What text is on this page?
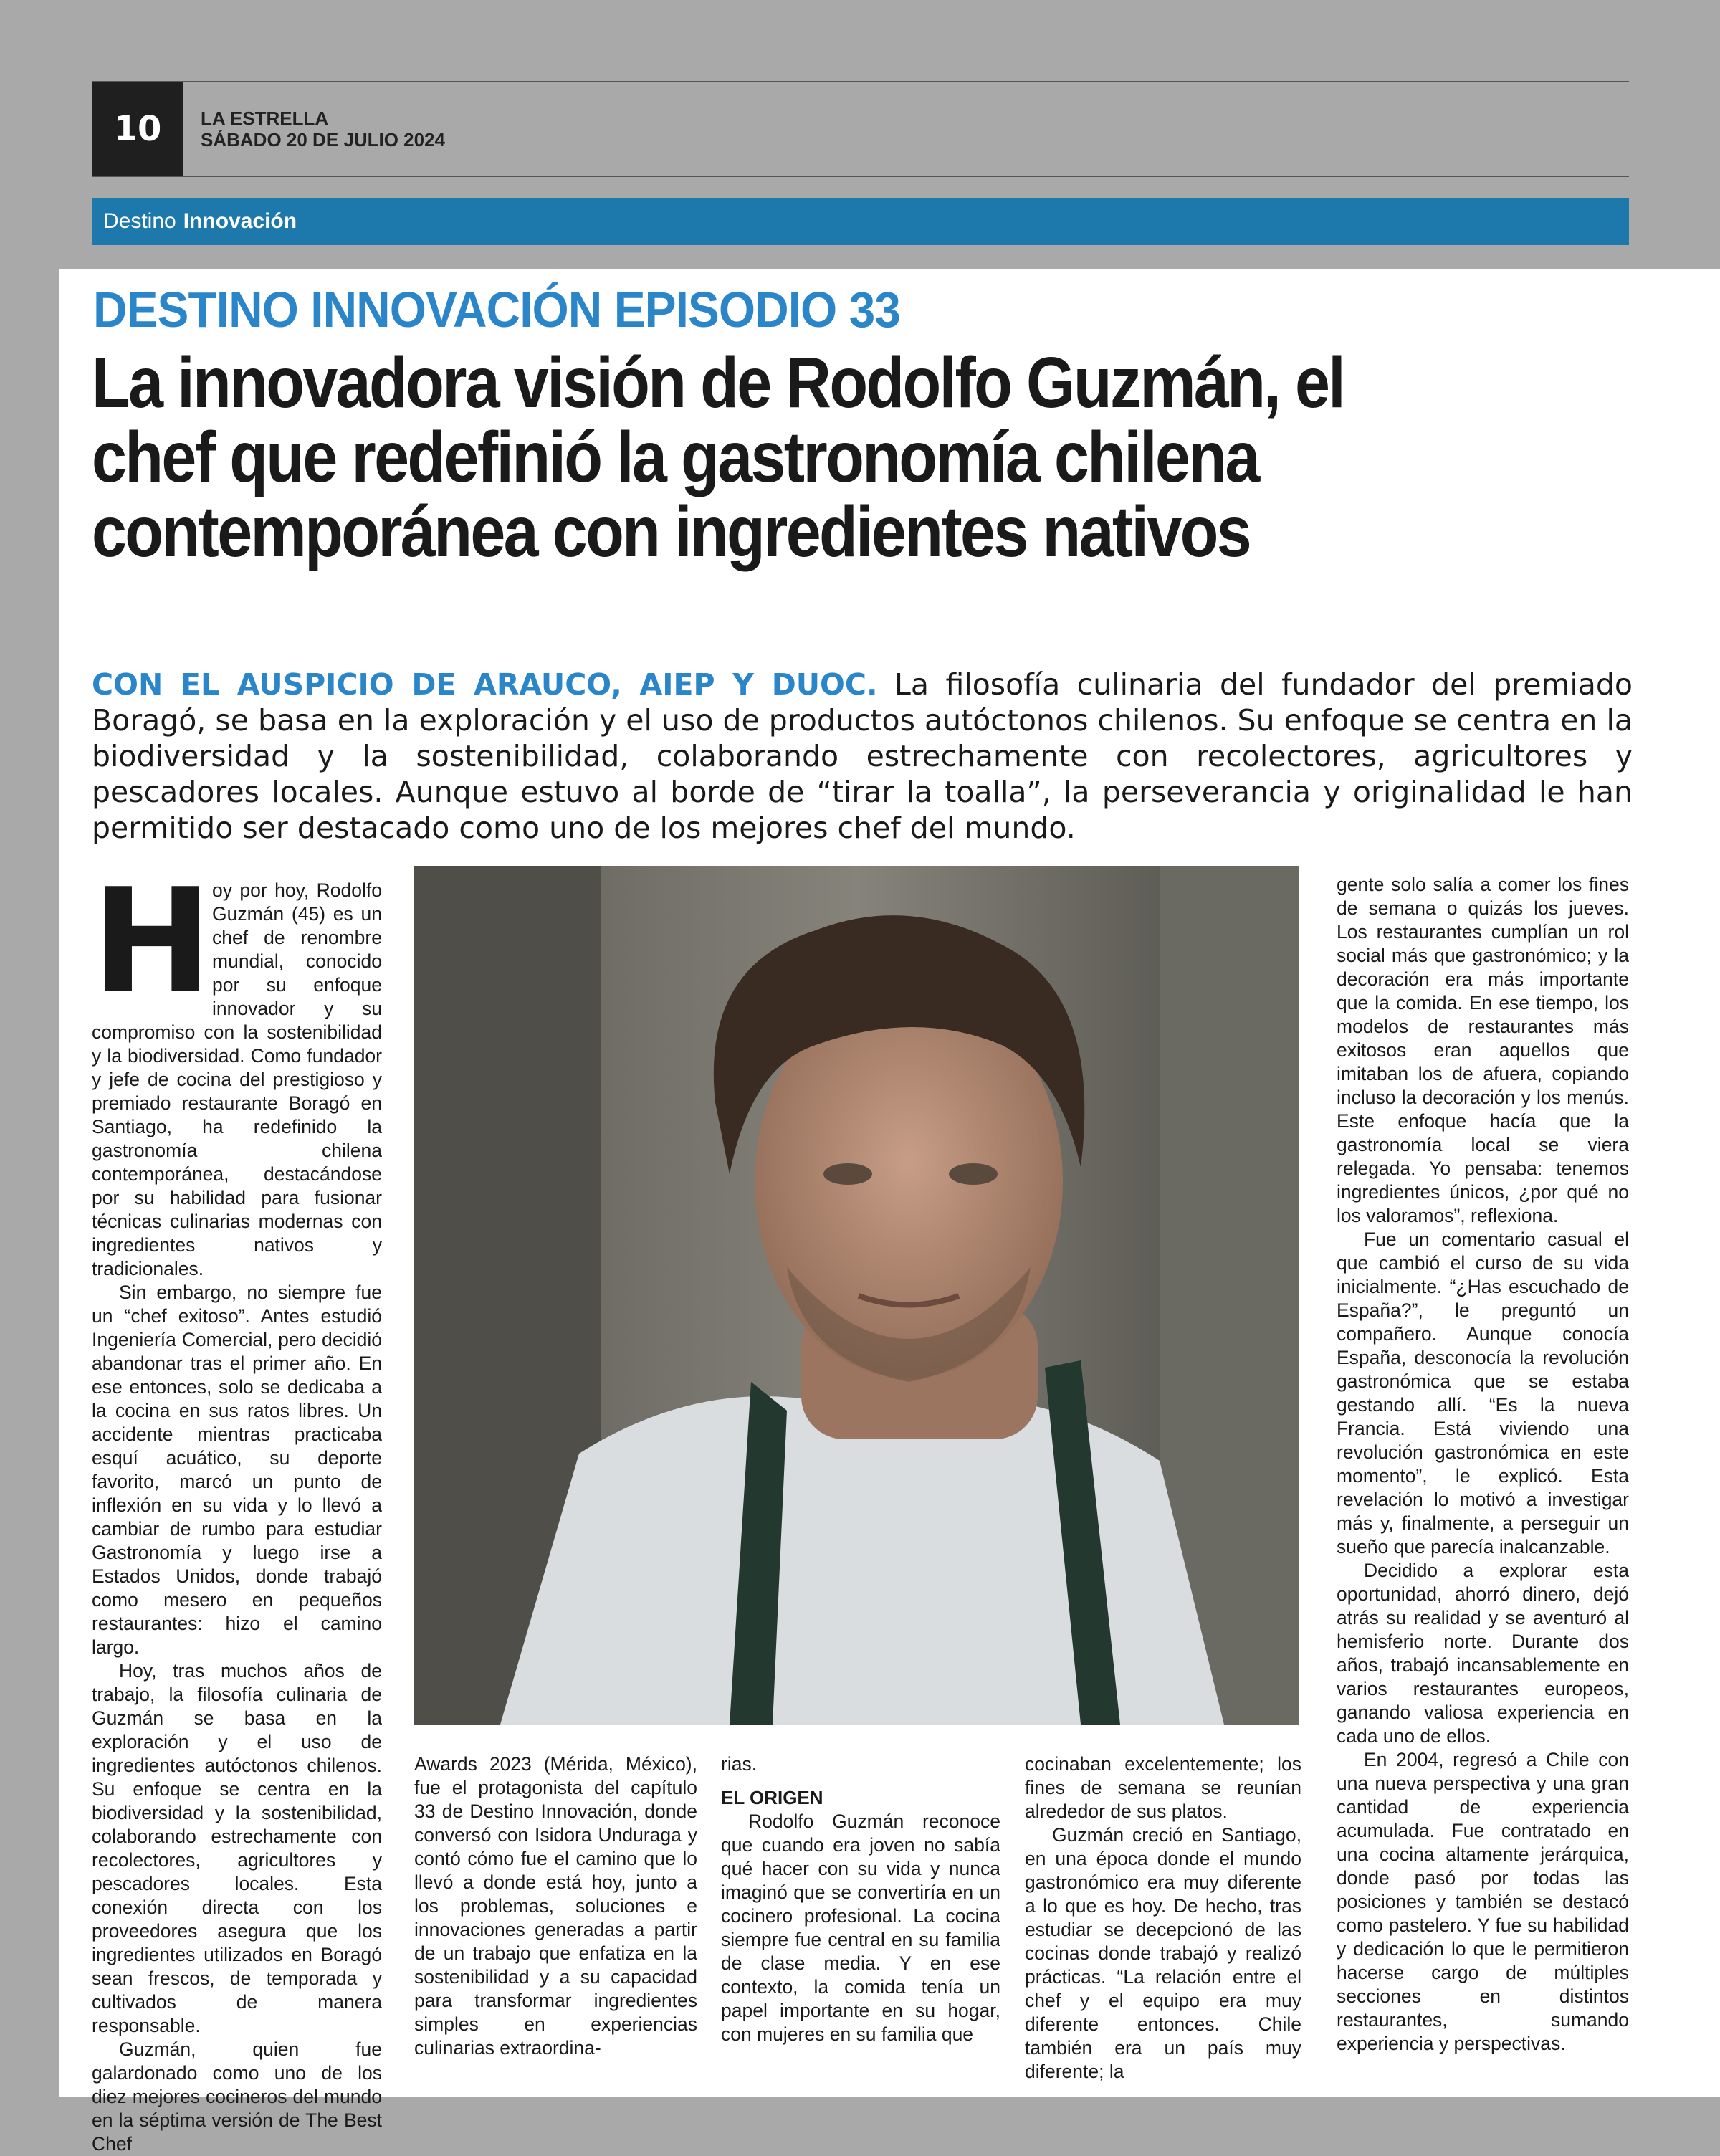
10	LA ESTRELLA
SÁBADO 20 DE JULIO 2024
Destino Innovación
DESTINO INNOVACIÓN EPISODIO 33
La innovadora visión de Rodolfo Guzmán, el
chef que redefinió la gastronomía chilena
contemporánea con ingredientes nativos
CON EL AUSPICIO DE ARAUCO, AIEP Y DUOC. La filosofía culinaria del fundador del premiado Boragó, se basa en la exploración y el uso de productos autóctonos chilenos. Su enfoque se centra en la biodiversidad y la sostenibilidad, colaborando estrechamente con recolectores, agricultores y pescadores locales. Aunque estuvo al borde de “tirar la toalla”, la perseverancia y originalidad le han permitido ser destacado como uno de los mejores chef del mundo.
H oy por hoy, Rodolfo Guzmán (45) es un chef de renombre mundial, conocido por su enfoque innovador y su compromiso con la sostenibilidad y la biodiversidad. Como fundador y jefe de cocina del prestigioso y premiado restaurante Boragó en Santiago, ha redefinido la gastronomía chilena contemporánea, destacándose por su habilidad para fusionar técnicas culinarias modernas con ingredientes nativos y tradicionales.

Sin embargo, no siempre fue un “chef exitoso”. Antes estudió Ingeniería Comercial, pero decidió abandonar tras el primer año. En ese entonces, solo se dedicaba a la cocina en sus ratos libres. Un accidente mientras practicaba esquí acuático, su deporte favorito, marcó un punto de inflexión en su vida y lo llevó a cambiar de rumbo para estudiar Gastronomía y luego irse a Estados Unidos, donde trabajó como mesero en pequeños restaurantes: hizo el camino largo.

Hoy, tras muchos años de trabajo, la filosofía culinaria de Guzmán se basa en la exploración y el uso de ingredientes autóctonos chilenos. Su enfoque se centra en la biodiversidad y la sostenibilidad, colaborando estrechamente con recolectores, agricultores y pescadores locales. Esta conexión directa con los proveedores asegura que los ingredientes utilizados en Boragó sean frescos, de temporada y cultivados de manera responsable.

Guzmán, quien fue galardonado como uno de los diez mejores cocineros del mundo en la séptima versión de The Best Chef

Awards 2023 (Mérida, México), fue el protagonista del capítulo 33 de Destino Innovación, donde conversó con Isidora Unduraga y contó cómo fue el camino que lo llevó a donde está hoy, junto a los problemas, soluciones e innovaciones generadas a partir de un trabajo que enfatiza en la sostenibilidad y a su capacidad para transformar ingredientes simples en experiencias culinarias extraordina-

rias.

EL ORIGEN

Rodolfo Guzmán reconoce que cuando era joven no sabía qué hacer con su vida y nunca imaginó que se convertiría en un cocinero profesional. La cocina siempre fue central en su familia de clase media. Y en ese contexto, la comida tenía un papel importante en su hogar, con mujeres en su familia que

cocinaban excelentemente; los fines de semana se reunían alrededor de sus platos.

Guzmán creció en Santiago, en una época donde el mundo gastronómico era muy diferente a lo que es hoy. De hecho, tras estudiar se decepcionó de las cocinas donde trabajó y realizó prácticas. “La relación entre el chef y el equipo era muy diferente entonces. Chile también era un país muy diferente; la

gente solo salía a comer los fines de semana o quizás los jueves. Los restaurantes cumplían un rol social más que gastronómico; y la decoración era más importante que la comida. En ese tiempo, los modelos de restaurantes más exitosos eran aquellos que imitaban los de afuera, copiando incluso la decoración y los menús. Este enfoque hacía que la gastronomía local se viera relegada. Yo pensaba: tenemos ingredientes únicos, ¿por qué no los valoramos”, reflexiona.

Fue un comentario casual el que cambió el curso de su vida inicialmente. “¿Has escuchado de España?”, le preguntó un compañero. Aunque conocía España, desconocía la revolución gastronómica que se estaba gestando allí. “Es la nueva Francia. Está viviendo una revolución gastronómica en este momento”, le explicó. Esta revelación lo motivó a investigar más y, finalmente, a perseguir un sueño que parecía inalcanzable.

Decidido a explorar esta oportunidad, ahorró dinero, dejó atrás su realidad y se aventuró al hemisferio norte. Durante dos años, trabajó incansablemente en varios restaurantes europeos, ganando valiosa experiencia en cada uno de ellos.

En 2004, regresó a Chile con una nueva perspectiva y una gran cantidad de experiencia acumulada. Fue contratado en una cocina altamente jerárquica, donde pasó por todas las posiciones y también se destacó como pastelero. Y fue su habilidad y dedicación lo que le permitieron hacerse cargo de múltiples secciones en distintos restaurantes, sumando experiencia y perspectivas.
